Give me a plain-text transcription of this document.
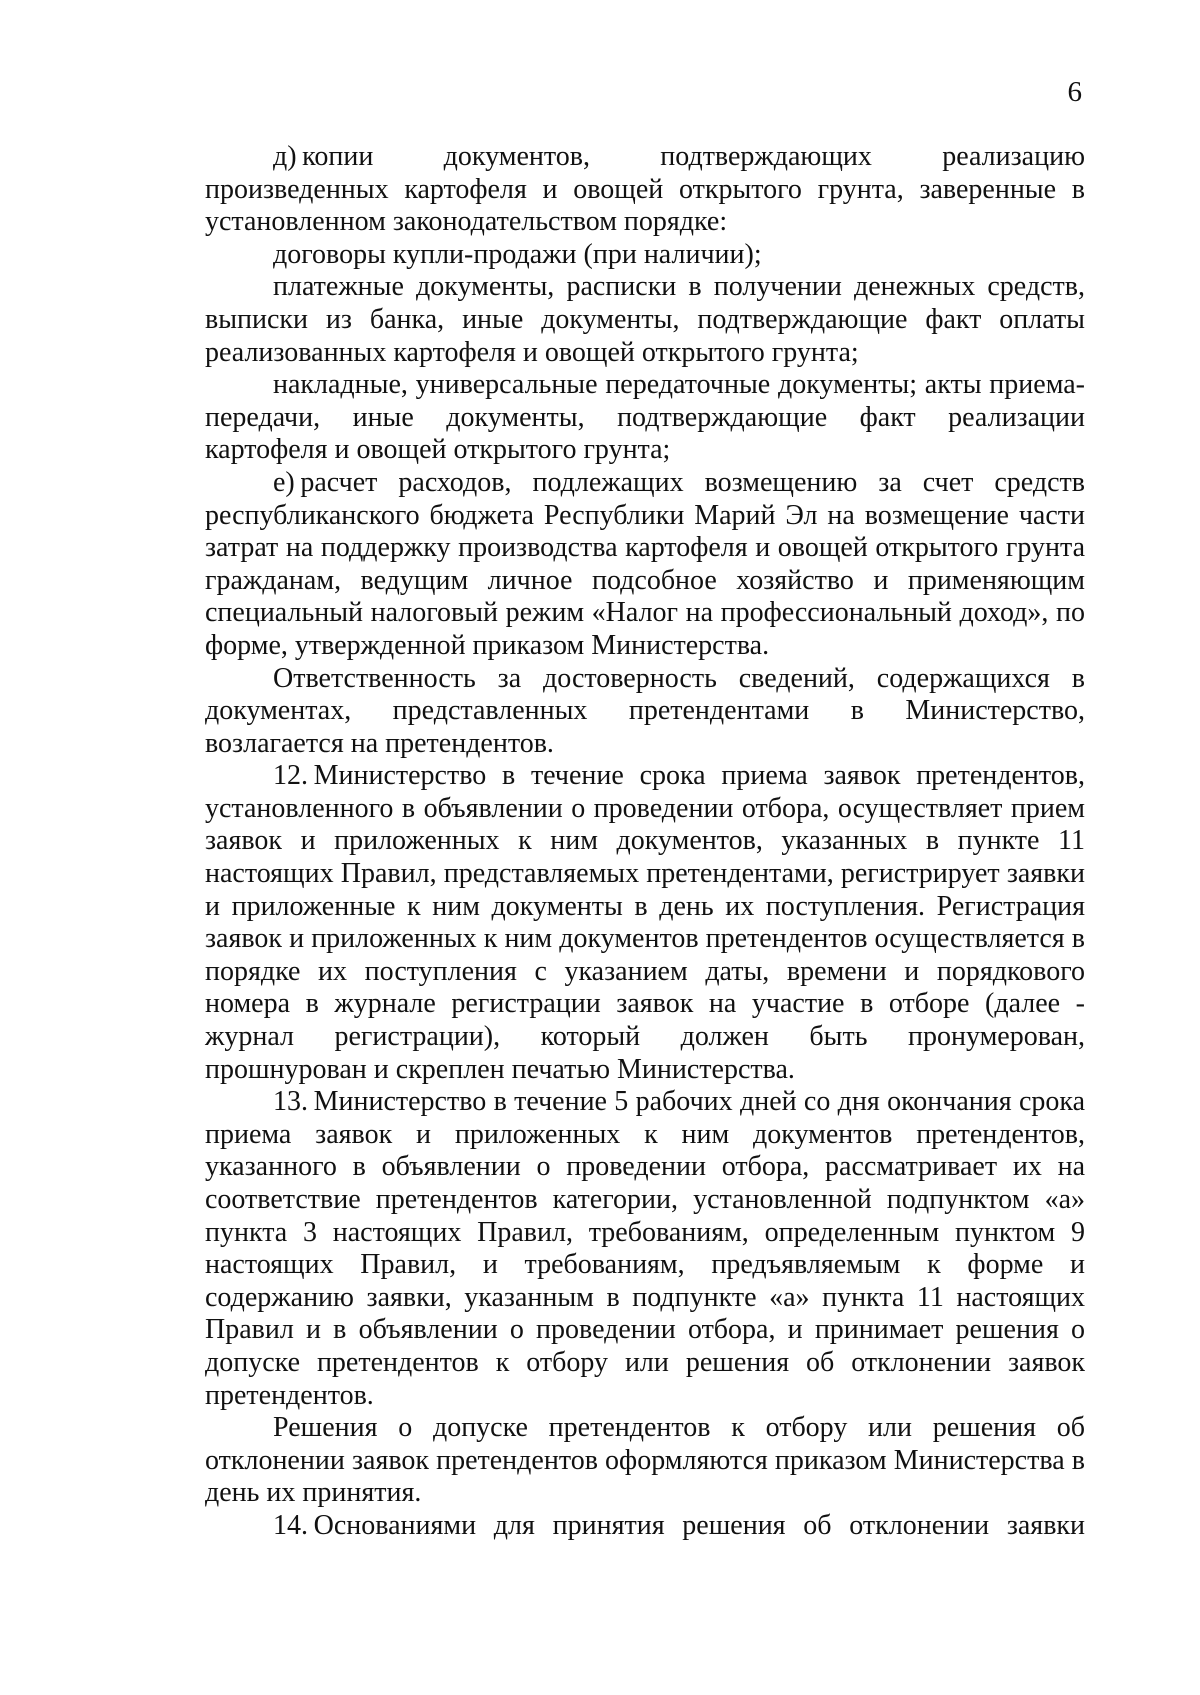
6

д) копии документов, подтверждающих реализацию произведенных картофеля и овощей открытого грунта, заверенные в установленном законодательством порядке:

договоры купли-продажи (при наличии);

платежные документы, расписки в получении денежных средств, выписки из банка, иные документы, подтверждающие факт оплаты реализованных картофеля и овощей открытого грунта;

накладные, универсальные передаточные документы; акты приема-передачи, иные документы, подтверждающие факт реализации картофеля и овощей открытого грунта;

е) расчет расходов, подлежащих возмещению за счет средств республиканского бюджета Республики Марий Эл на возмещение части затрат на поддержку производства картофеля и овощей открытого грунта гражданам, ведущим личное подсобное хозяйство и применяющим специальный налоговый режим «Налог на профессиональный доход», по форме, утвержденной приказом Министерства.

Ответственность за достоверность сведений, содержащихся в документах, представленных претендентами в Министерство, возлагается на претендентов.

12. Министерство в течение срока приема заявок претендентов, установленного в объявлении о проведении отбора, осуществляет прием заявок и приложенных к ним документов, указанных в пункте 11 настоящих Правил, представляемых претендентами, регистрирует заявки и приложенные к ним документы в день их поступления. Регистрация заявок и приложенных к ним документов претендентов осуществляется в порядке их поступления с указанием даты, времени и порядкового номера в журнале регистрации заявок на участие в отборе (далее - журнал регистрации), который должен быть пронумерован, прошнурован и скреплен печатью Министерства.

13. Министерство в течение 5 рабочих дней со дня окончания срока приема заявок и приложенных к ним документов претендентов, указанного в объявлении о проведении отбора, рассматривает их на соответствие претендентов категории, установленной подпунктом «а» пункта 3 настоящих Правил, требованиям, определенным пунктом 9 настоящих Правил, и требованиям, предъявляемым к форме и содержанию заявки, указанным в подпункте «а» пункта 11 настоящих Правил и в объявлении о проведении отбора, и принимает решения о допуске претендентов к отбору или решения об отклонении заявок претендентов.

Решения о допуске претендентов к отбору или решения об отклонении заявок претендентов оформляются приказом Министерства в день их принятия.

14. Основаниями для принятия решения об отклонении заявки
